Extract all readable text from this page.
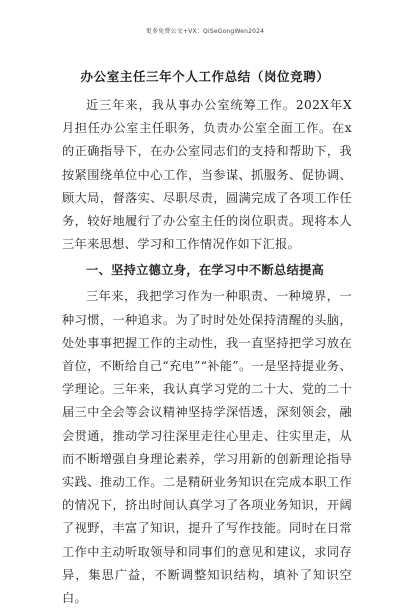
更多免费公文+VX：QiSeGongWen2024
办公室主任三年个人工作总结（岗位竞聘）

近三年来，我从事办公室统筹工作。202X年X月担任办公室主任职务，负责办公室全面工作。在x的正确指导下，在办公室同志们的支持和帮助下，我按紧围绕单位中心工作，当参谋、抓服务、促协调、顾大局，督落实、尽职尽责，圆满完成了各项工作任务，较好地履行了办公室主任的岗位职责。现将本人三年来思想、学习和工作情况作如下汇报。

一、坚持立德立身，在学习中不断总结提高

三年来，我把学习作为一种职责、一种境界，一种习惯，一种追求。为了时时处处保持清醒的头脑，处处事事把握工作的主动性，我一直坚持把学习放在首位，不断给自己“充电”“补能”。一是坚持提业务、学理论。三年来，我认真学习党的二十大、党的二十届三中全会等会议精神坚持学深悟透，深刻领会，融会贯通，推动学习往深里走往心里走、往实里走，从而不断增强自身理论素养，学习用新的创新理论指导实践、推动工作。二是精研业务知识在完成本职工作的情况下，挤出时间认真学习了各项业务知识，开阔了视野，丰富了知识，提升了写作技能。同时在日常工作中主动听取领导和同事们的意见和建议，求同存异，集思广益，不断调整知识结构，填补了知识空白。
